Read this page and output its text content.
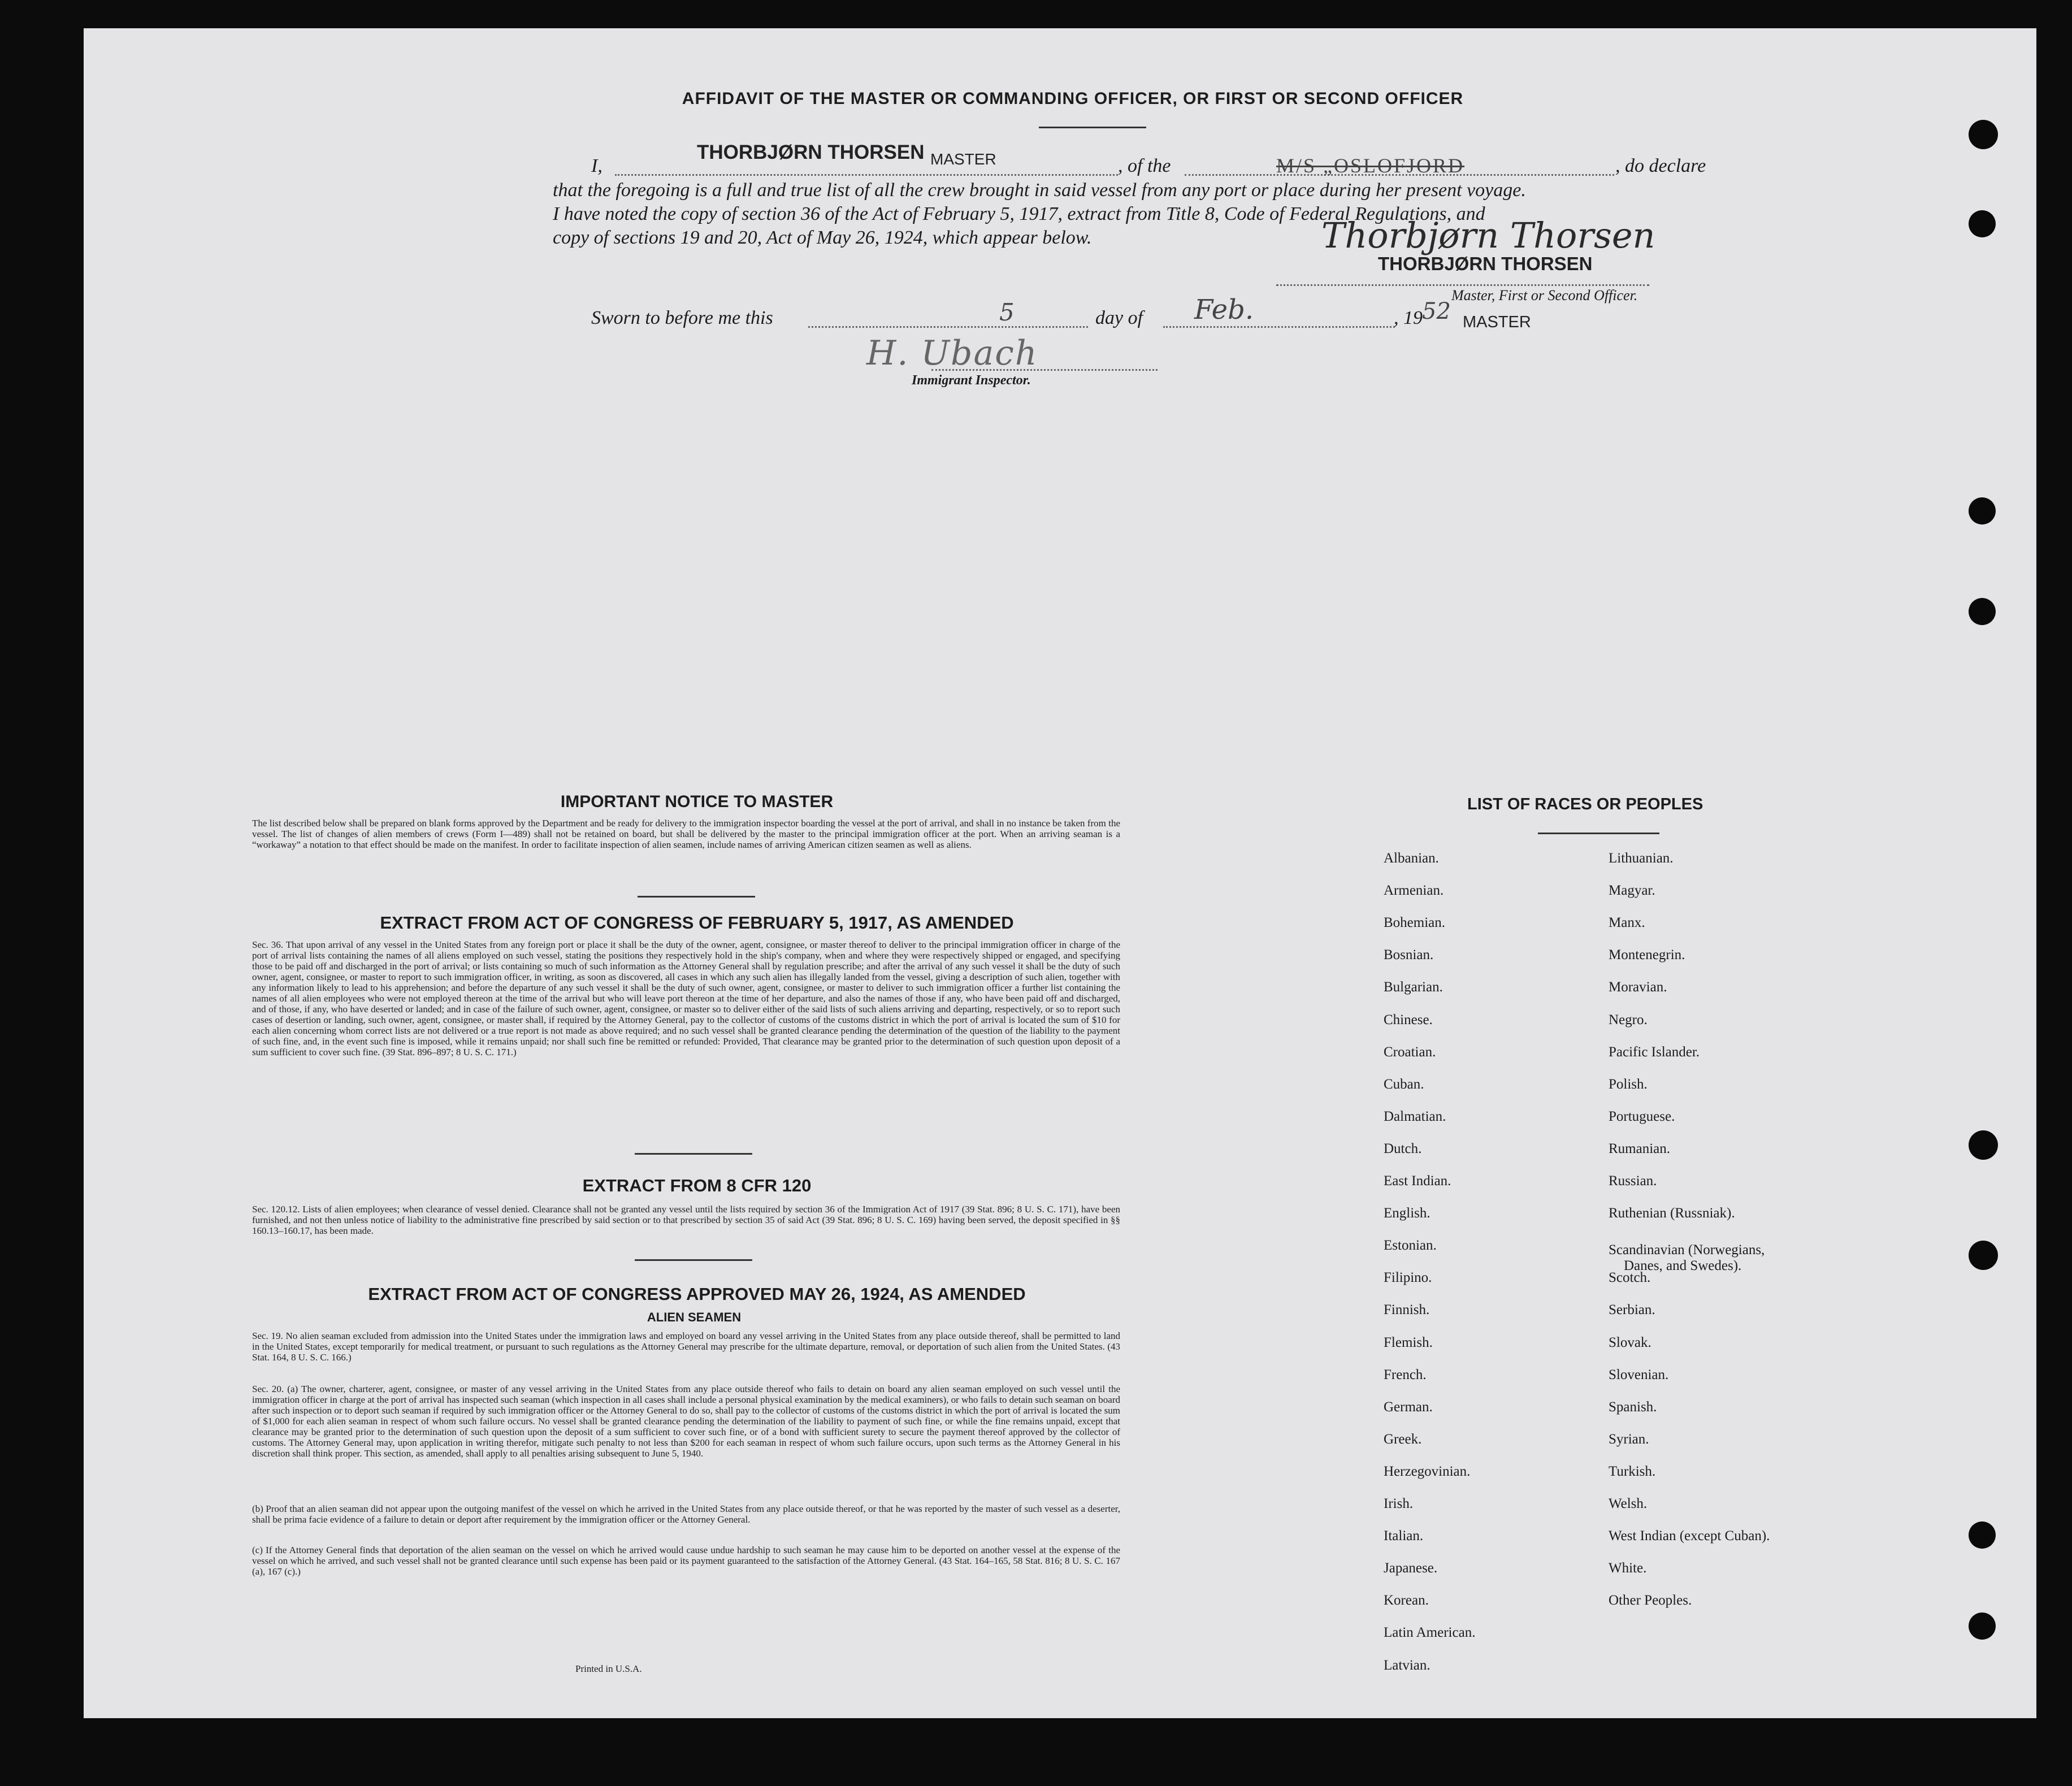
AFFIDAVIT OF THE MASTER OR COMMANDING OFFICER, OR FIRST OR SECOND OFFICER
I,
THORBJØRN THORSEN MASTER	, of the	M/S „OSLOFJORD	, do declare
that the foregoing is a full and true list of all the crew brought in said vessel from any port or place during her present voyage.
I have noted the copy of section 36 of the Act of February 5, 1917, extract from Title 8, Code of Federal Regulations, and
copy of sections 19 and 20, Act of May 26, 1924, which appear below.	Thorbjørn Thorsen
THORBJØRN THORSEN
Master, First or Second Officer.
Sworn to before me this	5	day of Feb.	, 19 52 MASTER
H. Ubach
Immigrant Inspector.
IMPORTANT NOTICE TO MASTER
The list described below shall be prepared on blank forms approved by the Department and be ready for delivery to the immigration inspector boarding the vessel at the port of arrival, and shall in no instance be taken from the vessel. The list of changes of alien members of crews (Form I—489) shall not be retained on board, but shall be delivered by the master to the principal immigration officer at the port. When an arriving seaman is a “workaway” a notation to that effect should be made on the manifest. In order to facilitate inspection of alien seamen, include names of arriving American citizen seamen as well as aliens.
EXTRACT FROM ACT OF CONGRESS OF FEBRUARY 5, 1917, AS AMENDED
Sec. 36. That upon arrival of any vessel in the United States from any foreign port or place it shall be the duty of the owner, agent, consignee, or master thereof to deliver to the principal immigration officer in charge of the port of arrival lists containing the names of all aliens employed on such vessel, stating the positions they respectively hold in the ship's company, when and where they were respectively shipped or engaged, and specifying those to be paid off and discharged in the port of arrival; or lists containing so much of such information as the Attorney General shall by regulation prescribe; and after the arrival of any such vessel it shall be the duty of such owner, agent, consignee, or master to report to such immigration officer, in writing, as soon as discovered, all cases in which any such alien has illegally landed from the vessel, giving a description of such alien, together with any information likely to lead to his apprehension; and before the departure of any such vessel it shall be the duty of such owner, agent, consignee, or master to deliver to such immigration officer a further list containing the names of all alien employees who were not employed thereon at the time of the arrival but who will leave port thereon at the time of her departure, and also the names of those if any, who have been paid off and discharged, and of those, if any, who have deserted or landed; and in case of the failure of such owner, agent, consignee, or master so to deliver either of the said lists of such aliens arriving and departing, respectively, or so to report such cases of desertion or landing, such owner, agent, consignee, or master shall, if required by the Attorney General, pay to the collector of customs of the customs district in which the port of arrival is located the sum of $10 for each alien concerning whom correct lists are not delivered or a true report is not made as above required; and no such vessel shall be granted clearance pending the determination of the question of the liability to the payment of such fine, and, in the event such fine is imposed, while it remains unpaid; nor shall such fine be remitted or refunded: Provided, That clearance may be granted prior to the determination of such question upon deposit of a sum sufficient to cover such fine. (39 Stat. 896–897; 8 U. S. C. 171.)
EXTRACT FROM 8 CFR 120
Sec. 120.12. Lists of alien employees; when clearance of vessel denied. Clearance shall not be granted any vessel until the lists required by section 36 of the Immigration Act of 1917 (39 Stat. 896; 8 U. S. C. 171), have been furnished, and not then unless notice of liability to the administrative fine prescribed by said section or to that prescribed by section 35 of said Act (39 Stat. 896; 8 U. S. C. 169) having been served, the deposit specified in §§ 160.13–160.17, has been made.
EXTRACT FROM ACT OF CONGRESS APPROVED MAY 26, 1924, AS AMENDED
ALIEN SEAMEN
Sec. 19. No alien seaman excluded from admission into the United States under the immigration laws and employed on board any vessel arriving in the United States from any place outside thereof, shall be permitted to land in the United States, except temporarily for medical treatment, or pursuant to such regulations as the Attorney General may prescribe for the ultimate departure, removal, or deportation of such alien from the United States. (43 Stat. 164, 8 U. S. C. 166.)
Sec. 20. (a) The owner, charterer, agent, consignee, or master of any vessel arriving in the United States from any place outside thereof who fails to detain on board any alien seaman employed on such vessel until the immigration officer in charge at the port of arrival has inspected such seaman (which inspection in all cases shall include a personal physical examination by the medical examiners), or who fails to detain such seaman on board after such inspection or to deport such seaman if required by such immigration officer or the Attorney General to do so, shall pay to the collector of customs of the customs district in which the port of arrival is located the sum of $1,000 for each alien seaman in respect of whom such failure occurs. No vessel shall be granted clearance pending the determination of the liability to payment of such fine, or while the fine remains unpaid, except that clearance may be granted prior to the determination of such question upon the deposit of a sum sufficient to cover such fine, or of a bond with sufficient surety to secure the payment thereof approved by the collector of customs. The Attorney General may, upon application in writing therefor, mitigate such penalty to not less than $200 for each seaman in respect of whom such failure occurs, upon such terms as the Attorney General in his discretion shall think proper. This section, as amended, shall apply to all penalties arising subsequent to June 5, 1940.
(b) Proof that an alien seaman did not appear upon the outgoing manifest of the vessel on which he arrived in the United States from any place outside thereof, or that he was reported by the master of such vessel as a deserter, shall be prima facie evidence of a failure to detain or deport after requirement by the immigration officer or the Attorney General.
(c) If the Attorney General finds that deportation of the alien seaman on the vessel on which he arrived would cause undue hardship to such seaman he may cause him to be deported on another vessel at the expense of the vessel on which he arrived, and such vessel shall not be granted clearance until such expense has been paid or its payment guaranteed to the satisfaction of the Attorney General. (43 Stat. 164–165, 58 Stat. 816; 8 U. S. C. 167 (a), 167 (c).)
Printed in U.S.A.
LIST OF RACES OR PEOPLES
Albanian.
Armenian.
Bohemian.
Bosnian.
Bulgarian.
Chinese.
Croatian.
Cuban.
Dalmatian.
Dutch.
East Indian.
English.
Estonian.
Filipino.
Finnish.
Flemish.
French.
German.
Greek.
Herzegovinian.
Irish.
Italian.
Japanese.
Korean.
Latin American.
Latvian.
Lithuanian.
Magyar.
Manx.
Montenegrin.
Moravian.
Negro.
Pacific Islander.
Polish.
Portuguese.
Rumanian.
Russian.
Ruthenian (Russniak).
Scandinavian (Norwegians,
Danes, and Swedes).
Scotch.
Serbian.
Slovak.
Slovenian.
Spanish.
Syrian.
Turkish.
Welsh.
West Indian (except Cuban).
White.
Other Peoples.
